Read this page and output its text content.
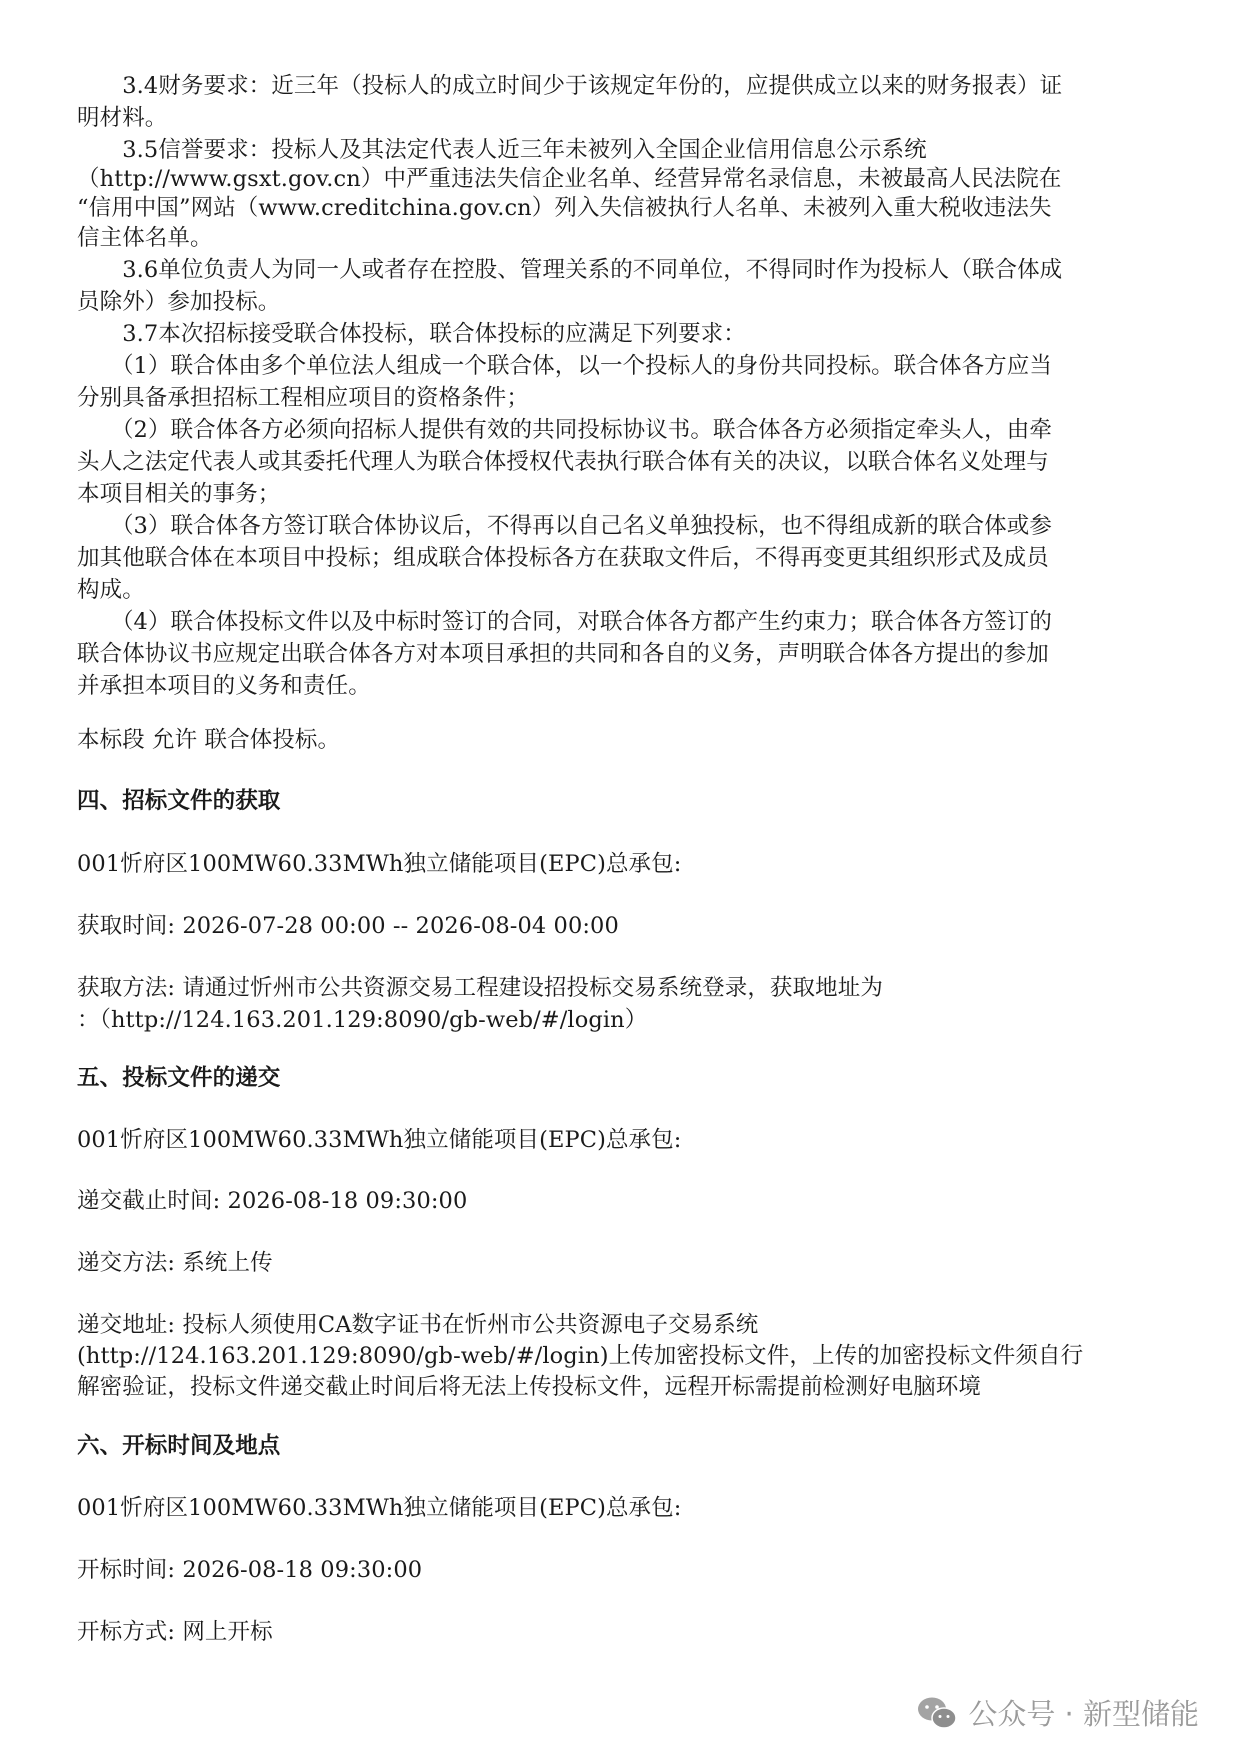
　　3.4财务要求：近三年（投标人的成立时间少于该规定年份的，应提供成立以来的财务报表）证
明材料。
　　3.5信誉要求：投标人及其法定代表人近三年未被列入全国企业信用信息公示系统
（http://www.gsxt.gov.cn）中严重违法失信企业名单、经营异常名录信息，未被最高人民法院在
“信用中国”网站（www.creditchina.gov.cn）列入失信被执行人名单、未被列入重大税收违法失
信主体名单。
　　3.6单位负责人为同一人或者存在控股、管理关系的不同单位，不得同时作为投标人（联合体成
员除外）参加投标。
　　3.7本次招标接受联合体投标，联合体投标的应满足下列要求：
　　（1）联合体由多个单位法人组成一个联合体，以一个投标人的身份共同投标。联合体各方应当
分别具备承担招标工程相应项目的资格条件；
　　（2）联合体各方必须向招标人提供有效的共同投标协议书。联合体各方必须指定牵头人，由牵
头人之法定代表人或其委托代理人为联合体授权代表执行联合体有关的决议，以联合体名义处理与
本项目相关的事务；
　　（3）联合体各方签订联合体协议后，不得再以自己名义单独投标，也不得组成新的联合体或参
加其他联合体在本项目中投标；组成联合体投标各方在获取文件后，不得再变更其组织形式及成员
构成。
　　（4）联合体投标文件以及中标时签订的合同，对联合体各方都产生约束力；联合体各方签订的
联合体协议书应规定出联合体各方对本项目承担的共同和各自的义务，声明联合体各方提出的参加
并承担本项目的义务和责任。
本标段 允许 联合体投标。
四、招标文件的获取
001忻府区100MW60.33MWh独立储能项目(EPC)总承包:
获取时间: 2026-07-28 00:00 -- 2026-08-04 00:00
获取方法: 请通过忻州市公共资源交易工程建设招投标交易系统登录，获取地址为
：（http://124.163.201.129:8090/gb-web/#/login）
五、投标文件的递交
001忻府区100MW60.33MWh独立储能项目(EPC)总承包:
递交截止时间: 2026-08-18 09:30:00
递交方法: 系统上传
递交地址: 投标人须使用CA数字证书在忻州市公共资源电子交易系统
(http://124.163.201.129:8090/gb-web/#/login)上传加密投标文件，上传的加密投标文件须自行
解密验证，投标文件递交截止时间后将无法上传投标文件，远程开标需提前检测好电脑环境
六、开标时间及地点
001忻府区100MW60.33MWh独立储能项目(EPC)总承包:
开标时间: 2026-08-18 09:30:00
开标方式: 网上开标
公众号 · 新型储能
